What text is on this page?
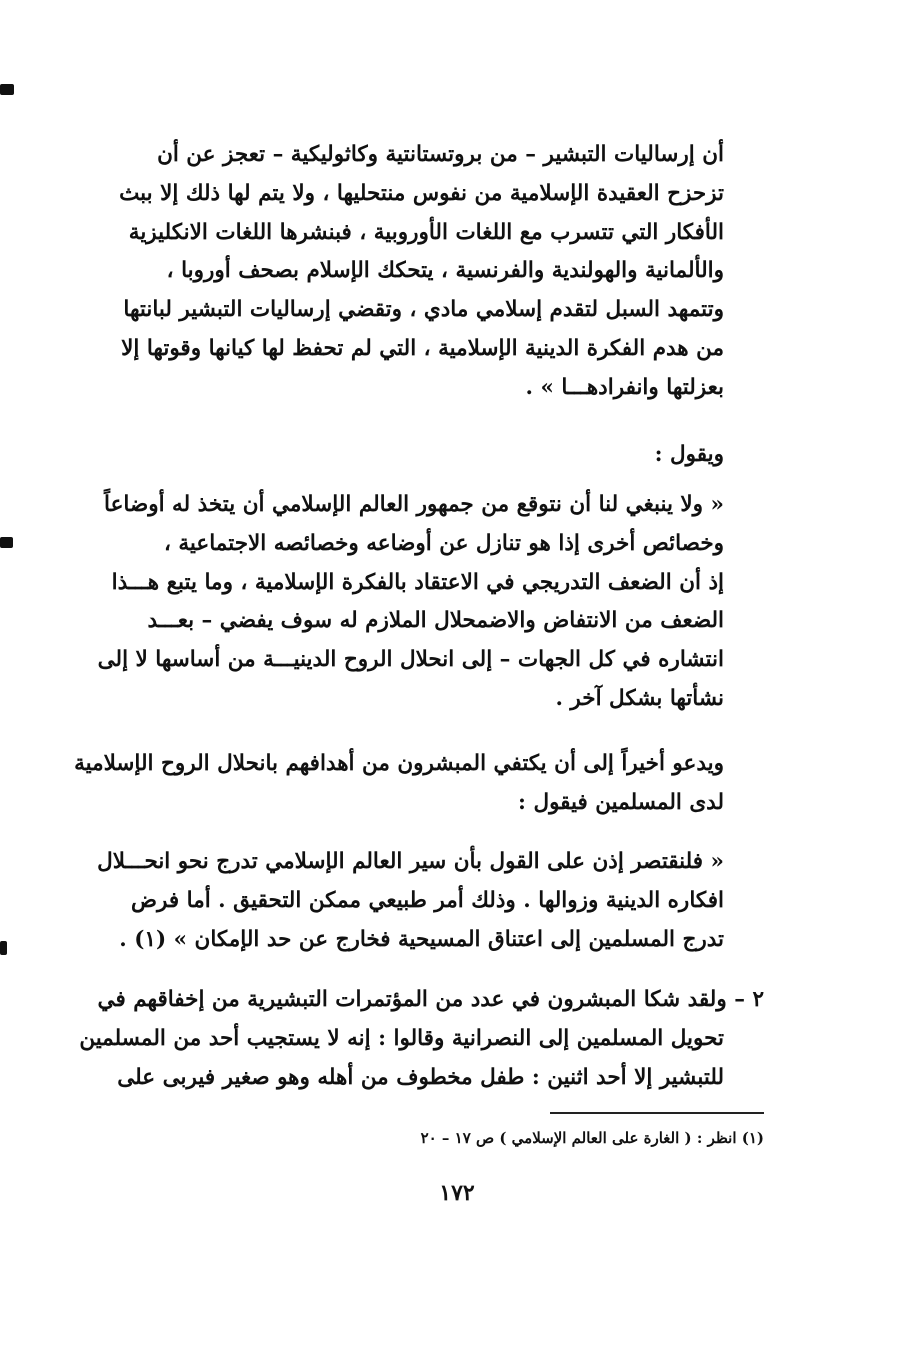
أن إرساليات التبشير – من بروتستانتية وكاثوليكية – تعجز عن أن
تزحزح العقيدة الإسلامية من نفوس منتحليها ، ولا يتم لها ذلك إلا ببث
الأفكار التي تتسرب مع اللغات الأوروبية ، فبنشرها اللغات الانكليزية
والألمانية والهولندية والفرنسية ، يتحكك الإسلام بصحف أوروبا ،
وتتمهد السبل لتقدم إسلامي مادي ، وتقضي إرساليات التبشير لبانتها
من هدم الفكرة الدينية الإسلامية ، التي لم تحفظ لها كيانها وقوتها إلا
بعزلتها وانفرادهـــا » .
ويقول :
« ولا ينبغي لنا أن نتوقع من جمهور العالم الإسلامي أن يتخذ له أوضاعاً
وخصائص أخرى إذا هو تنازل عن أوضاعه وخصائصه الاجتماعية ،
إذ أن الضعف التدريجي في الاعتقاد بالفكرة الإسلامية ، وما يتبع هـــذا
الضعف من الانتفاض والاضمحلال الملازم له سوف يفضي – بعـــد
انتشاره في كل الجهات – إلى انحلال الروح الدينيـــة من أساسها لا إلى
نشأتها بشكل آخر .
ويدعو أخيراً إلى أن يكتفي المبشرون من أهدافهم بانحلال الروح الإسلامية
لدى المسلمين فيقول :
« فلنقتصر إذن على القول بأن سير العالم الإسلامي تدرج نحو انحـــلال
افكاره الدينية وزوالها . وذلك أمر طبيعي ممكن التحقيق . أما فرض
تدرج المسلمين إلى اعتناق المسيحية فخارج عن حد الإمكان » (١) .
٢ – ولقد شكا المبشرون في عدد من المؤتمرات التبشيرية من إخفاقهم في
تحويل المسلمين إلى النصرانية وقالوا : إنه لا يستجيب أحد من المسلمين
للتبشير إلا أحد اثنين : طفل مخطوف من أهله وهو صغير فيربى على
(١) انظر : ( الغارة على العالم الإسلامي ) ص ١٧ – ٢٠
١٧٢
